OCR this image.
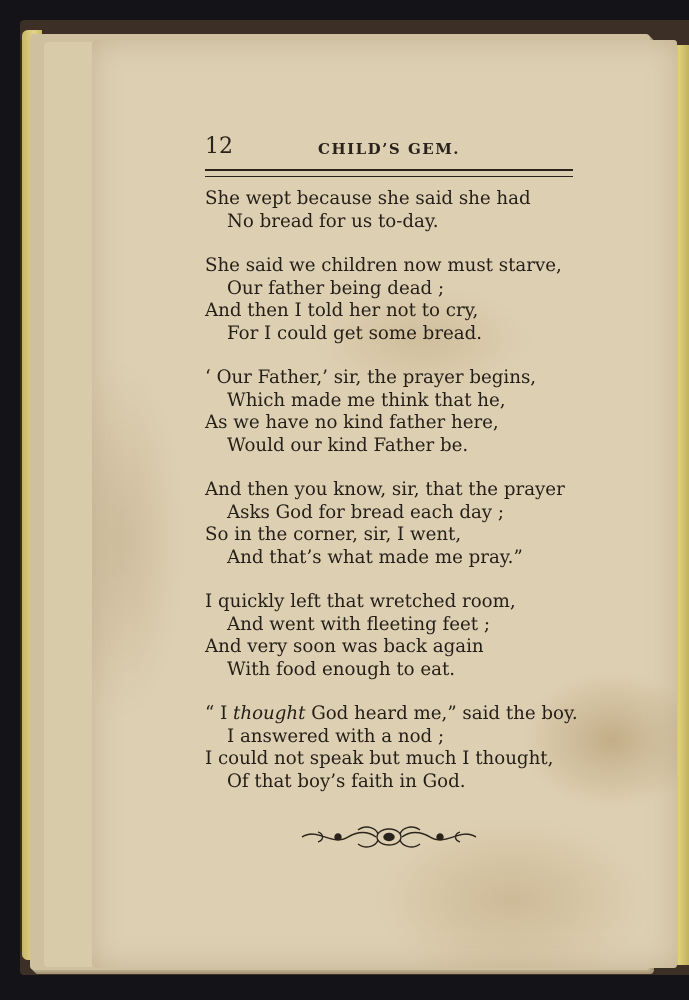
12	CHILD’S GEM.
She wept because she said she had
No bread for us to-day.
She said we children now must starve,
Our father being dead ;
And then I told her not to cry,
For I could get some bread.
‘ Our Father,’ sir, the prayer begins,
Which made me think that he,
As we have no kind father here,
Would our kind Father be.
And then you know, sir, that the prayer
Asks God for bread each day ;
So in the corner, sir, I went,
And that’s what made me pray.”
I quickly left that wretched room,
And went with fleeting feet ;
And very soon was back again
With food enough to eat.
“ I thought God heard me,” said the boy.
I answered with a nod ;
I could not speak but much I thought,
Of that boy’s faith in God.
